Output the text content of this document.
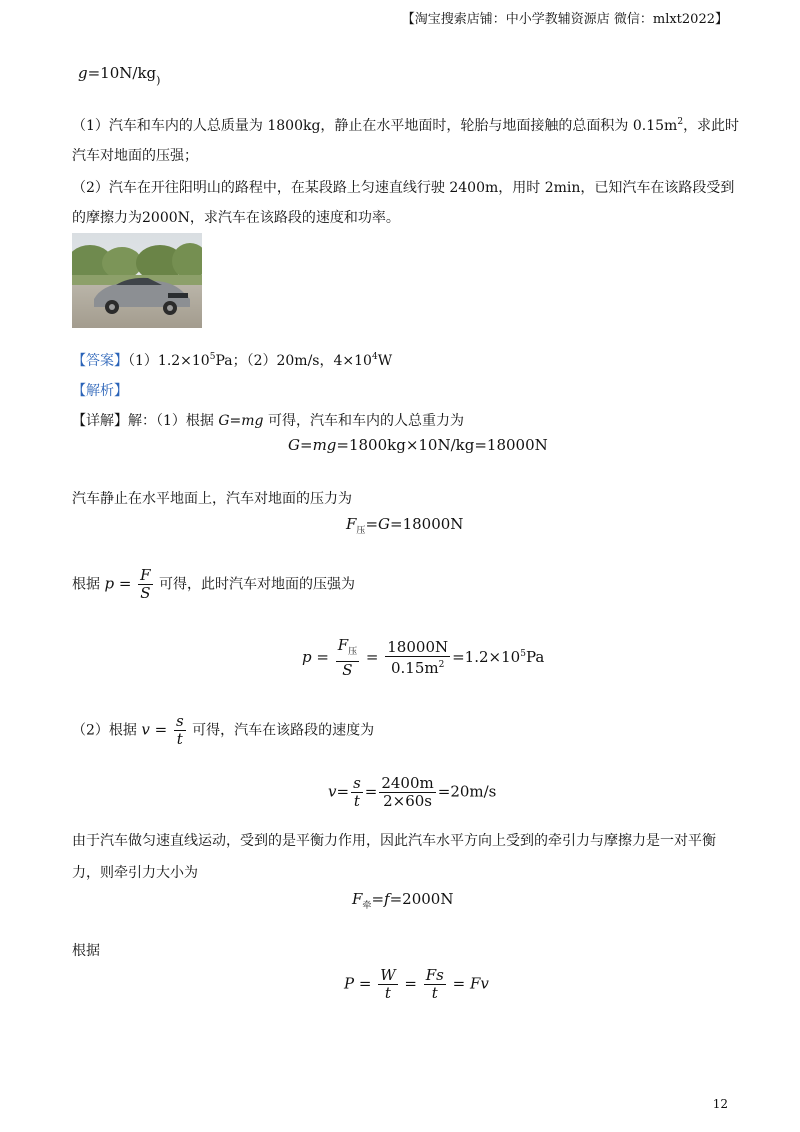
【淘宝搜索店铺：中小学教辅资源店 微信：mlxt2022】
$g=10N/kg_)$
（1）汽车和车内的人总质量为 1800kg，静止在水平地面时，轮胎与地面接触的总面积为 $0.15m^2$，求此时
汽车对地面的压强；
（2）汽车在开往阳明山的路程中，在某段路上匀速直线行驶 2400m，用时 2min，已知汽车在该路段受到
的摩擦力为2000N，求汽车在该路段的速度和功率。
【答案】$(1)1.2\times 10^5Pa$；（2）20m/s，$4\times 10^4W$
【解析】
【详解】解：（1）根据 G=mg 可得，汽车和车内的人总重力为
G=mg=1800kg×10N/kg=18000N
汽车静止在水平地面上，汽车对地面的压力为
$F_压=G=18000N$
根据 $p = \frac{F}{S}$ 可得，此时汽车对地面的压强为
$p = \frac{F_压}{S} = \frac{18000N}{0.15m^2} =1.2\times 10^5Pa$
（2）根据 $v = \frac{s}{t}$ 可得，汽车在该路段的速度为
$v= \frac{s}{t} = \frac{2400m}{2\times 60s} =20m/s$
由于汽车做匀速直线运动，受到的是平衡力作用，因此汽车水平方向上受到的牵引力与摩擦力是一对平衡
力，则牵引力大小为
$F_牵=f=2000N$
根据
$P = \frac{W}{t} = \frac{Fs}{t} = Fv$
12
